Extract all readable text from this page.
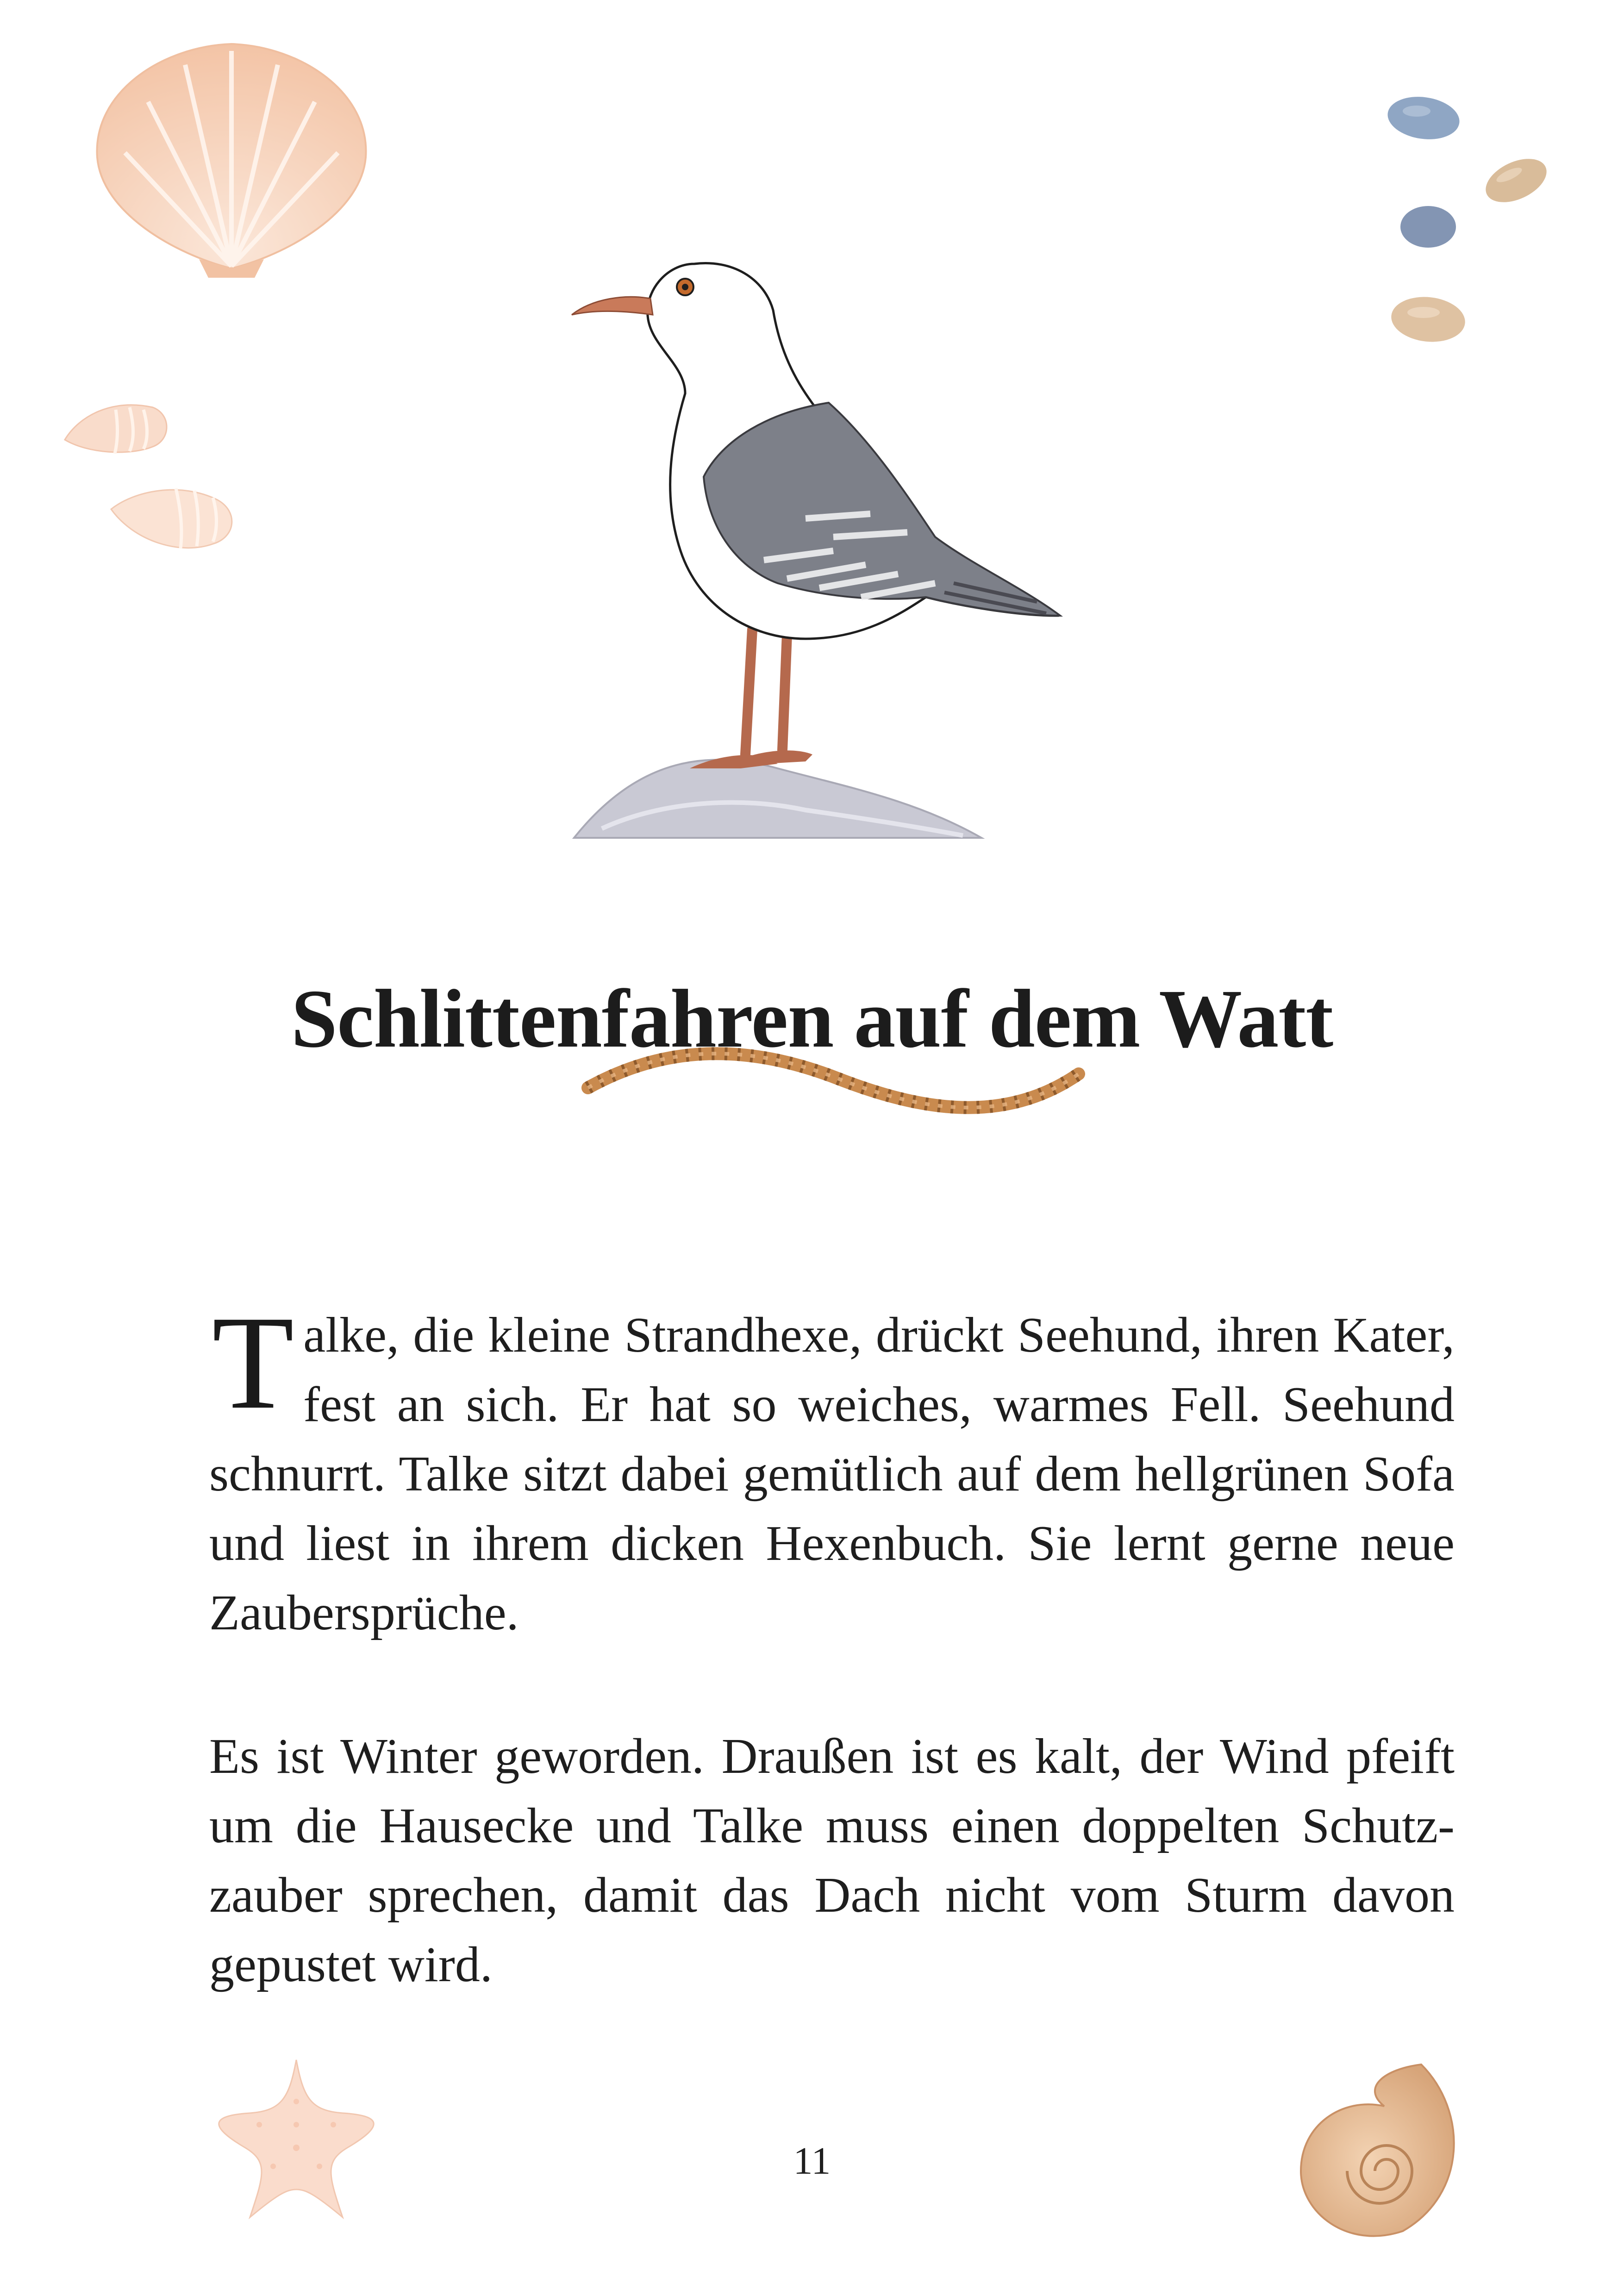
Schlittenfahren auf dem Watt

Talke, die kleine Strandhexe, drückt Seehund, ihren Kater, fest an sich. Er hat so weiches, warmes Fell. Seehund schnurrt. Talke sitzt dabei gemütlich auf dem hellgrünen Sofa und liest in ihrem dicken Hexenbuch. Sie lernt gerne neue Zaubersprüche.

Es ist Winter geworden. Draußen ist es kalt, der Wind pfeift um die Hausecke und Talke muss einen doppelten Schutzzauber sprechen, damit das Dach nicht vom Sturm davon gepustet wird.

11
